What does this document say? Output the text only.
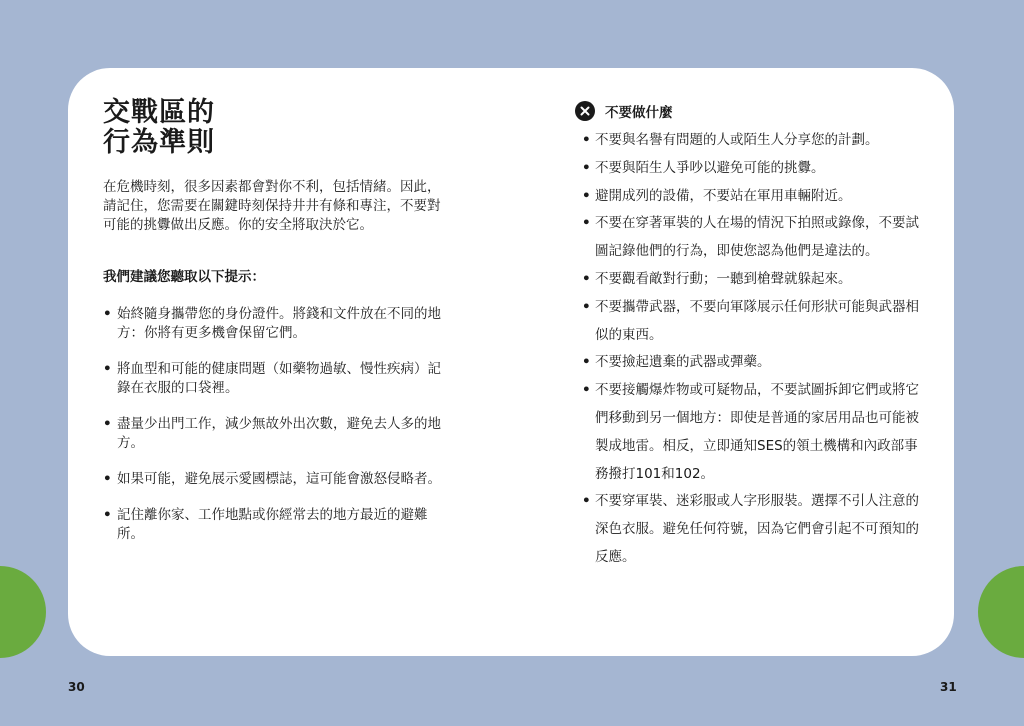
交戰區的
行為準則
在危機時刻，很多因素都會對你不利，包括情緒。因此，請記住，您需要在關鍵時刻保持井井有條和專注，不要對可能的挑釁做出反應。你的安全將取決於它。
我們建議您聽取以下提示：
• 始終隨身攜帶您的身份證件。將錢和文件放在不同的地方：你將有更多機會保留它們。
• 將血型和可能的健康問題（如藥物過敏、慢性疾病）記錄在衣服的口袋裡。
• 盡量少出門工作，減少無故外出次數，避免去人多的地方。
• 如果可能，避免展示愛國標誌，這可能會激怒侵略者。
• 記住離你家、工作地點或你經常去的地方最近的避難所。
不要做什麼
• 不要與名譽有問題的人或陌生人分享您的計劃。
• 不要與陌生人爭吵以避免可能的挑釁。
• 避開成列的設備，不要站在軍用車輛附近。
• 不要在穿著軍裝的人在場的情況下拍照或錄像，不要試圖記錄他們的行為，即使您認為他們是違法的。
• 不要觀看敵對行動；一聽到槍聲就躲起來。
• 不要攜帶武器，不要向軍隊展示任何形狀可能與武器相似的東西。
• 不要撿起遺棄的武器或彈藥。
• 不要接觸爆炸物或可疑物品，不要試圖拆卸它們或將它們移動到另一個地方：即使是普通的家居用品也可能被製成地雷。相反，立即通知SES的領土機構和內政部事務撥打101和102。
• 不要穿軍裝、迷彩服或人字形服裝。選擇不引人注意的深色衣服。避免任何符號，因為它們會引起不可預知的反應。
30	31
